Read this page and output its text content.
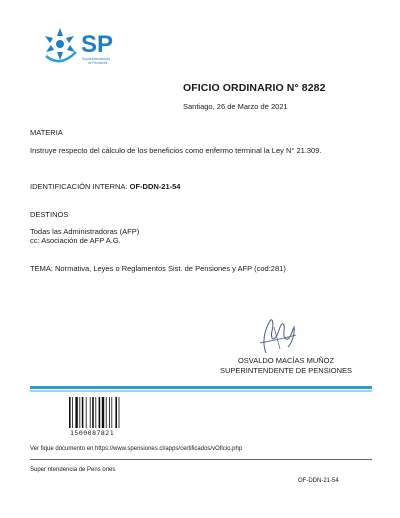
SP
Superintendencia
de Pensiones
OFICIO ORDINARIO N° 8282
Santiago, 26 de Marzo de 2021
MATERIA
Instruye respecto del cálculo de los beneficios como enfermo terminal la Ley N° 21.309.
IDENTIFICACIÓN INTERNA: OF-DDN-21-54
DESTINOS
Todas las Administradoras (AFP)
cc: Asociación de AFP A.G.
TEMA: Normativa, Leyes o Reglamentos Sist. de Pensiones y AFP (cod:281)
OSVALDO MACÍAS MUÑOZ
SUPERINTENDENTE DE PENSIONES
1500087821
Ver fique documento en https://www.spensiones.cl/apps/certificados/vOficio.php
Super ntendencia de Pens ones
OF-DDN-21-54
